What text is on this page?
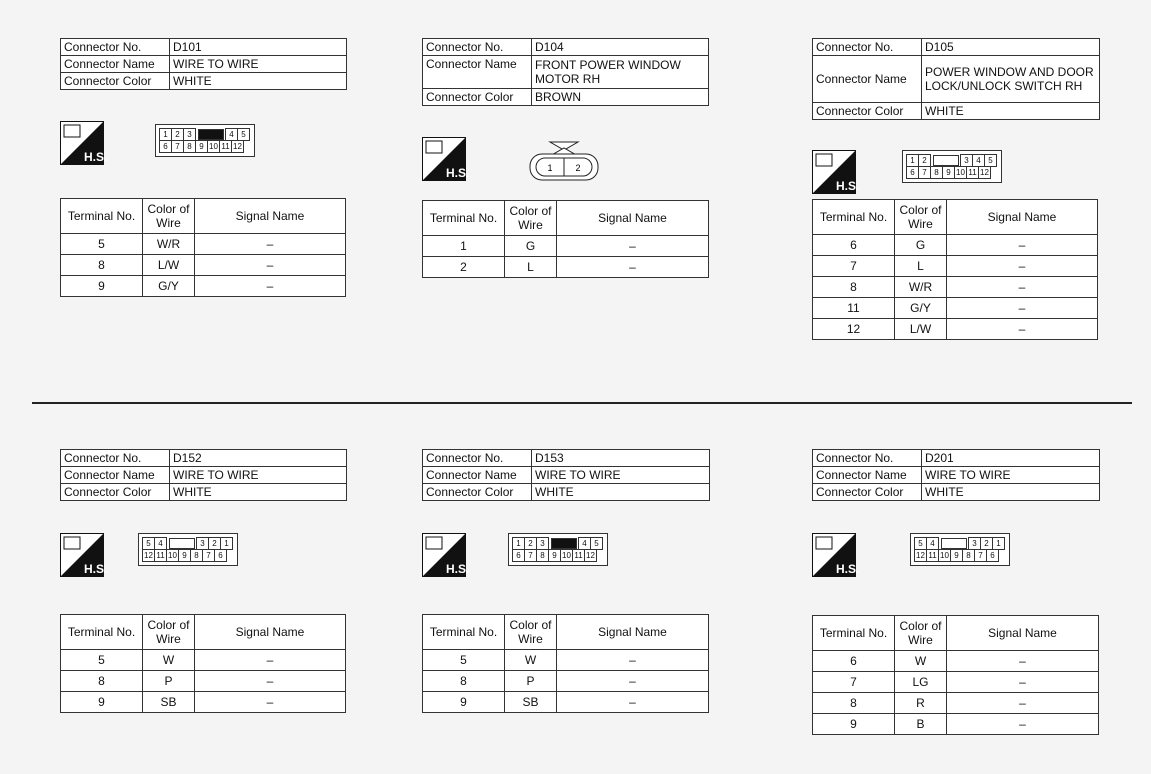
Connector No.	D101
Connector Name	WIRE TO WIRE
Connector Color	WHITE
H.S.
1 2 3	4 5
6 7 8 9 10 11 12
Terminal No.	Color of Wire	Signal Name
5	W/R	–
8	L/W	–
9	G/Y	–
Connector No.	D104
Connector Name	FRONT POWER WINDOW MOTOR RH
Connector Color	BROWN
H.S.	1	2
Terminal No.	Color of Wire	Signal Name
1	G	–
2	L	–
Connector No.	D105
Connector Name	POWER WINDOW AND DOOR LOCK/UNLOCK SWITCH RH
Connector Color	WHITE
H.S.
1 2	3 4 5
6 7 8 9 10 11 12
Terminal No.	Color of Wire	Signal Name
6	G	–
7	L	–
8	W/R	–
11	G/Y	–
12	L/W	–
Connector No.	D152
Connector Name	WIRE TO WIRE
Connector Color	WHITE
H.S.
5 4	3 2 1
12 11 10 9 8 7 6
Terminal No.	Color of Wire	Signal Name
5	W	–
8	P	–
9	SB	–
Connector No.	D153
Connector Name	WIRE TO WIRE
Connector Color	WHITE
H.S.
1 2 3	4 5
6 7 8 9 10 11 12
Terminal No.	Color of Wire	Signal Name
5	W	–
8	P	–
9	SB	–
Connector No.	D201
Connector Name	WIRE TO WIRE
Connector Color	WHITE
H.S.
5 4	3 2 1
12 11 10 9 8 7 6
Terminal No.	Color of Wire	Signal Name
6	W	–
7	LG	–
8	R	–
9	B	–
